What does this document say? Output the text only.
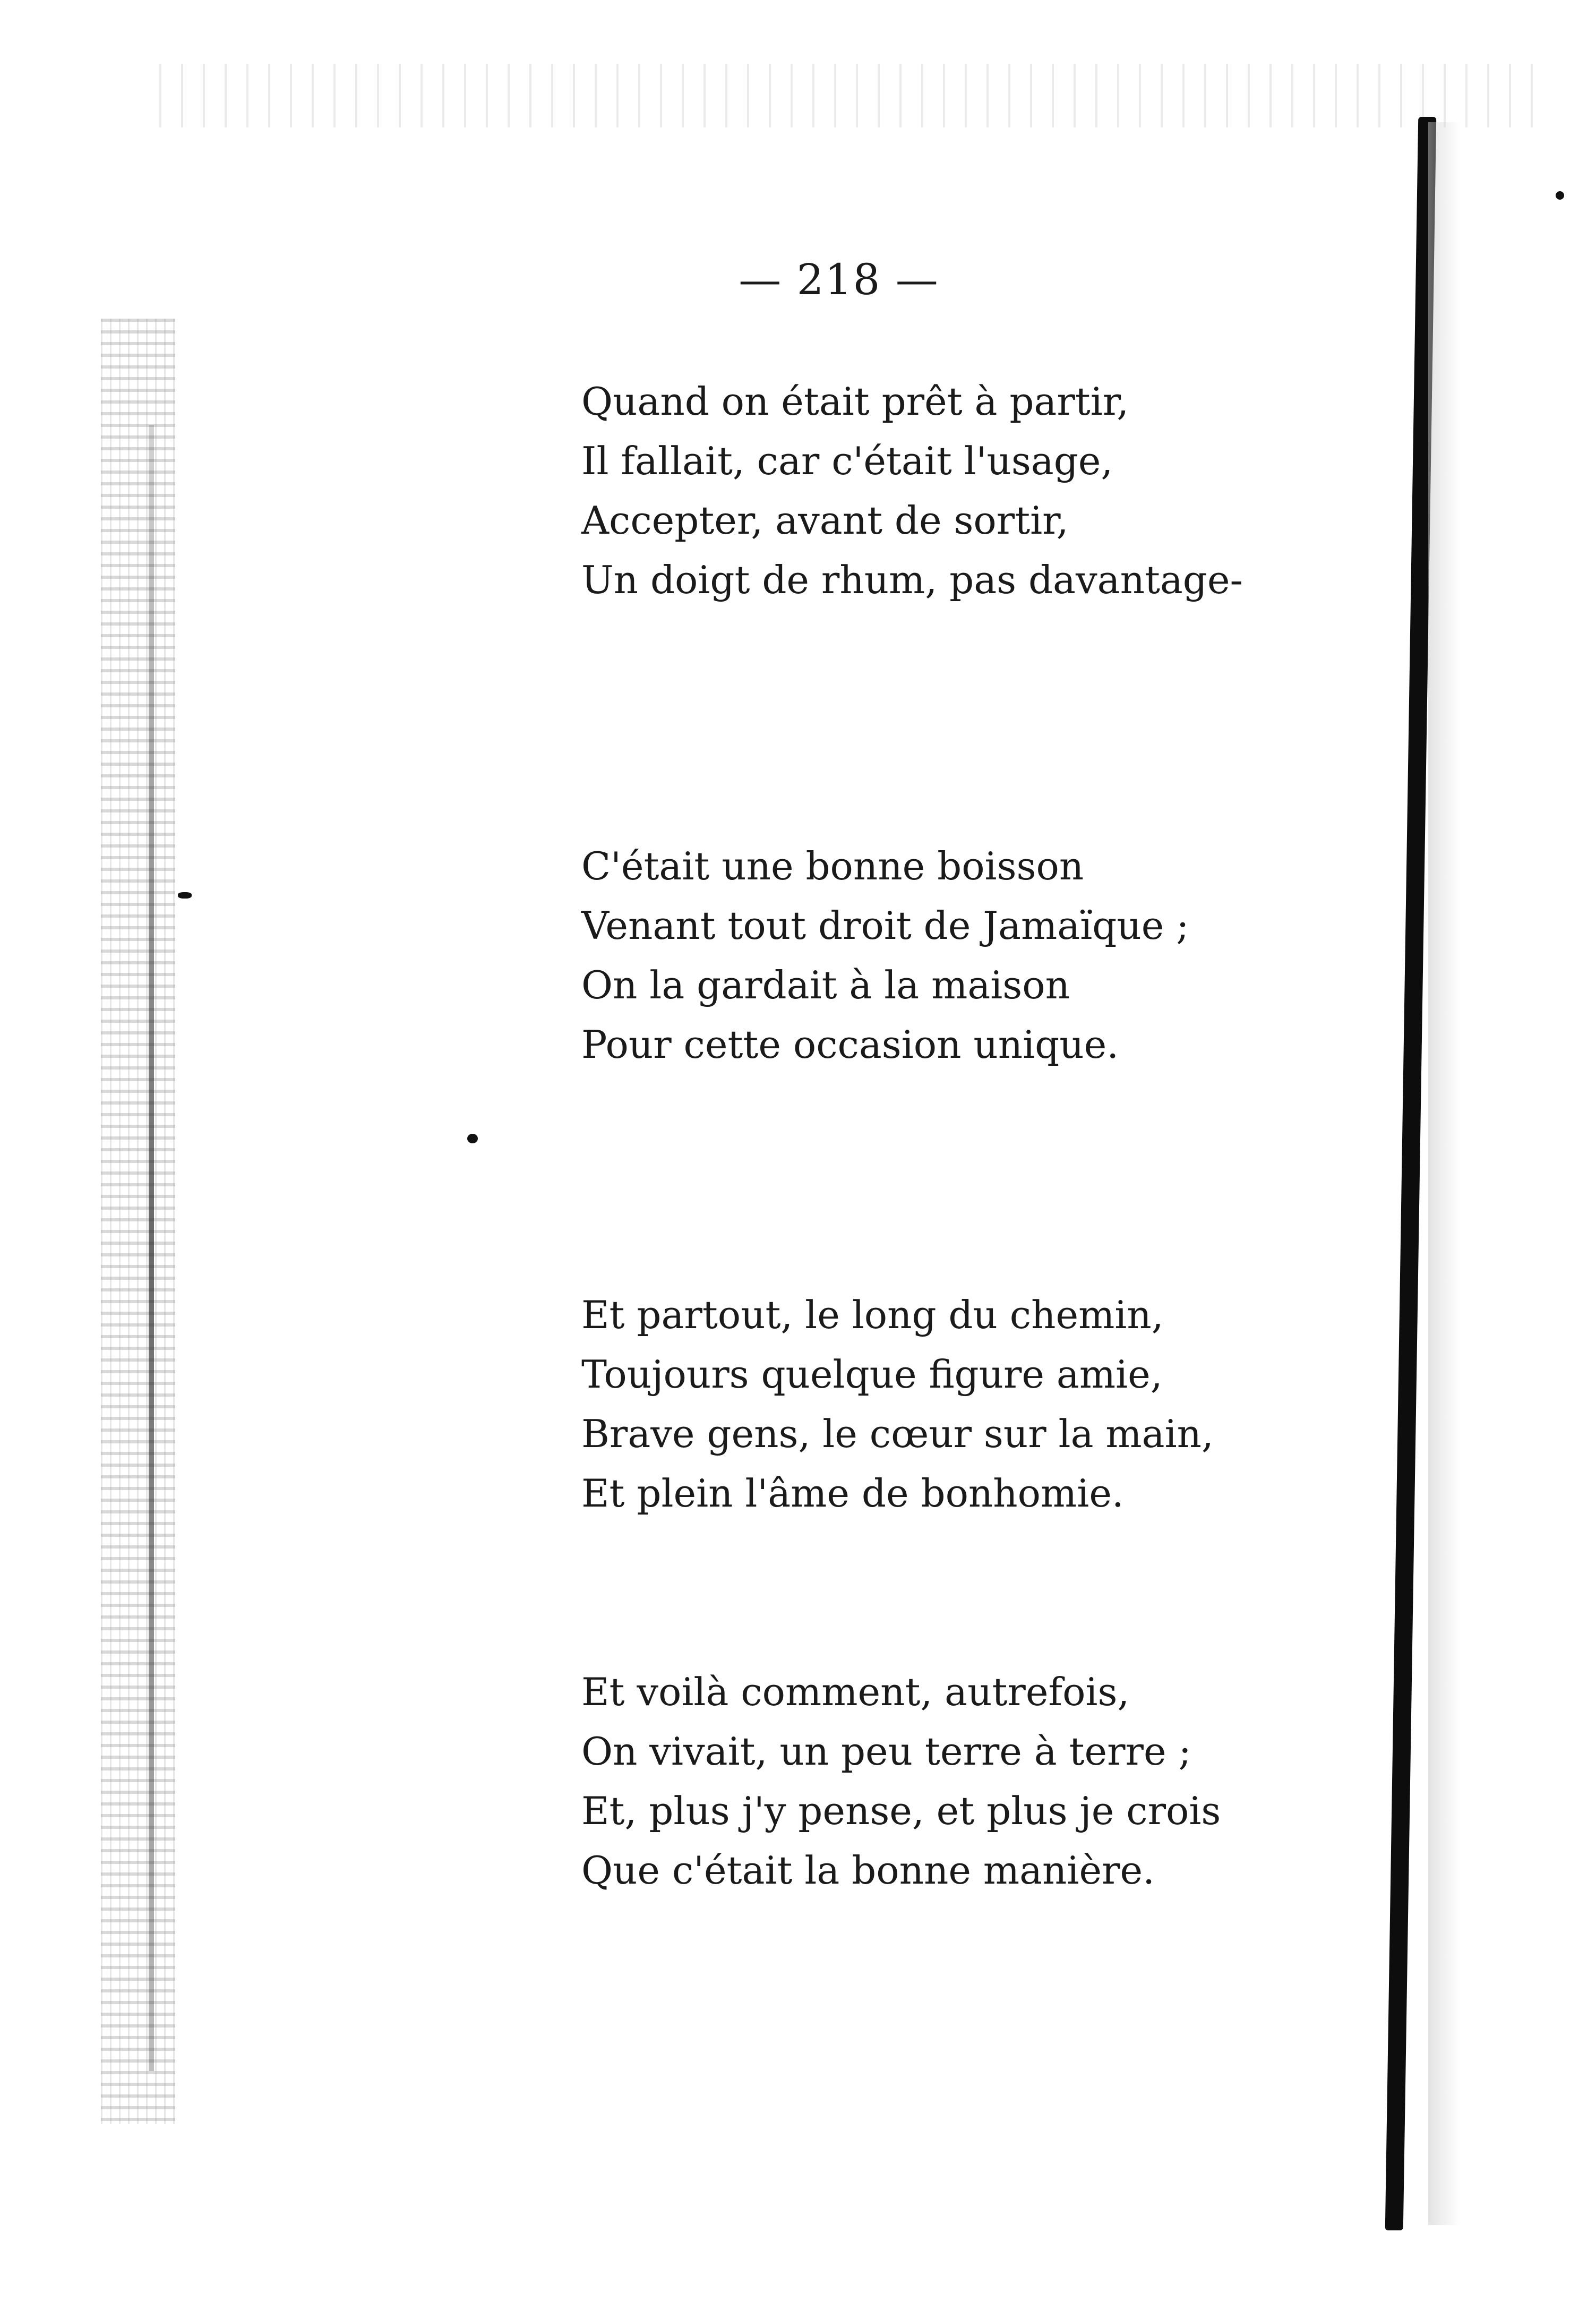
— 218 —
Quand on était prêt à partir,
Il fallait, car c'était l'usage,
Accepter, avant de sortir,
Un doigt de rhum, pas davantage-
C'était une bonne boisson
Venant tout droit de Jamaïque ;
On la gardait à la maison
Pour cette occasion unique.
Et partout, le long du chemin,
Toujours quelque figure amie,
Brave gens, le cœur sur la main,
Et plein l'âme de bonhomie.
Et voilà comment, autrefois,
On vivait, un peu terre à terre ;
Et, plus j'y pense, et plus je crois
Que c'était la bonne manière.
